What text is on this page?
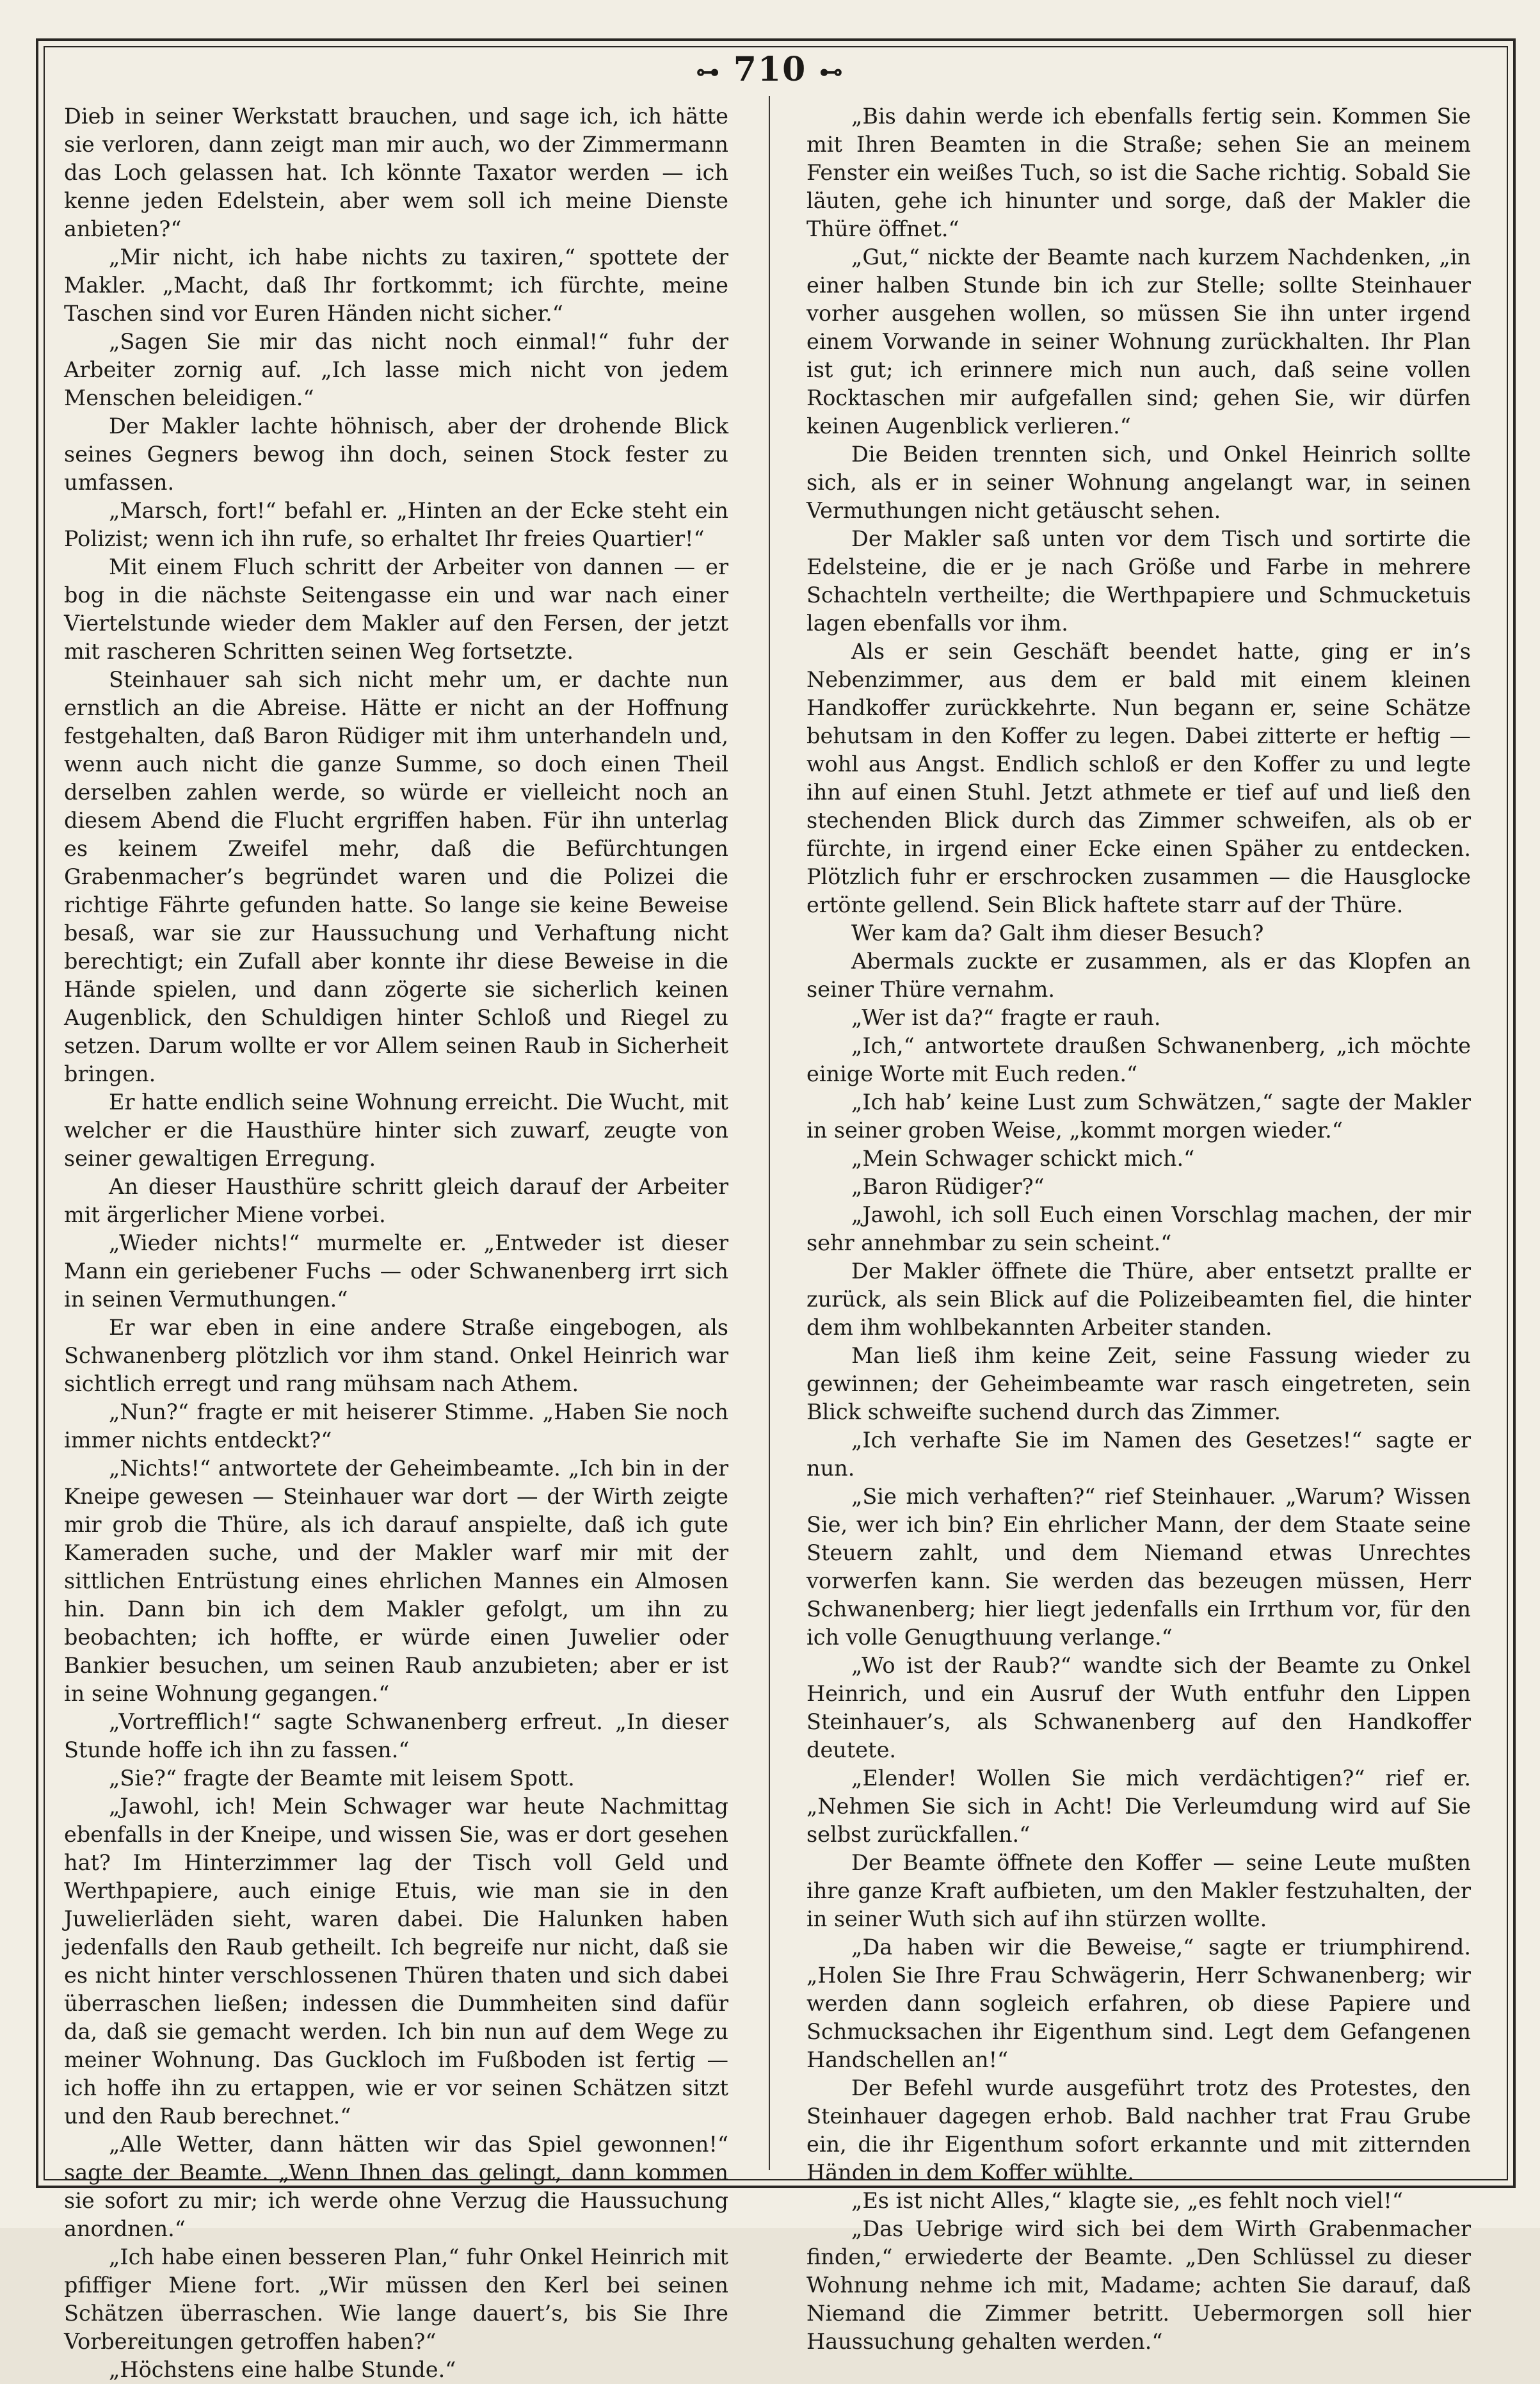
⊶ 710 ⊷

Dieb in seiner Werkstatt brauchen, und sage ich, ich hätte sie verloren, dann zeigt man mir auch, wo der Zimmermann das Loch gelassen hat. Ich könnte Taxator werden — ich kenne jeden Edelstein, aber wem soll ich meine Dienste anbieten?“

„Mir nicht, ich habe nichts zu taxiren,“ spottete der Makler. „Macht, daß Ihr fortkommt; ich fürchte, meine Taschen sind vor Euren Händen nicht sicher.“

„Sagen Sie mir das nicht noch einmal!“ fuhr der Arbeiter zornig auf. „Ich lasse mich nicht von jedem Menschen beleidigen.“

Der Makler lachte höhnisch, aber der drohende Blick seines Gegners bewog ihn doch, seinen Stock fester zu umfassen.

„Marsch, fort!“ befahl er. „Hinten an der Ecke steht ein Polizist; wenn ich ihn rufe, so erhaltet Ihr freies Quartier!“

Mit einem Fluch schritt der Arbeiter von dannen — er bog in die nächste Seitengasse ein und war nach einer Viertelstunde wieder dem Makler auf den Fersen, der jetzt mit rascheren Schritten seinen Weg fortsetzte.

Steinhauer sah sich nicht mehr um, er dachte nun ernstlich an die Abreise. Hätte er nicht an der Hoffnung festgehalten, daß Baron Rüdiger mit ihm unterhandeln und, wenn auch nicht die ganze Summe, so doch einen Theil derselben zahlen werde, so würde er vielleicht noch an diesem Abend die Flucht ergriffen haben. Für ihn unterlag es keinem Zweifel mehr, daß die Befürchtungen Grabenmacher’s begründet waren und die Polizei die richtige Fährte gefunden hatte. So lange sie keine Beweise besaß, war sie zur Haussuchung und Verhaftung nicht berechtigt; ein Zufall aber konnte ihr diese Beweise in die Hände spielen, und dann zögerte sie sicherlich keinen Augenblick, den Schuldigen hinter Schloß und Riegel zu setzen. Darum wollte er vor Allem seinen Raub in Sicherheit bringen.

Er hatte endlich seine Wohnung erreicht. Die Wucht, mit welcher er die Hausthüre hinter sich zuwarf, zeugte von seiner gewaltigen Erregung.

An dieser Hausthüre schritt gleich darauf der Arbeiter mit ärgerlicher Miene vorbei.

„Wieder nichts!“ murmelte er. „Entweder ist dieser Mann ein geriebener Fuchs — oder Schwanenberg irrt sich in seinen Vermuthungen.“

Er war eben in eine andere Straße eingebogen, als Schwanenberg plötzlich vor ihm stand. Onkel Heinrich war sichtlich erregt und rang mühsam nach Athem.

„Nun?“ fragte er mit heiserer Stimme. „Haben Sie noch immer nichts entdeckt?“

„Nichts!“ antwortete der Geheimbeamte. „Ich bin in der Kneipe gewesen — Steinhauer war dort — der Wirth zeigte mir grob die Thüre, als ich darauf anspielte, daß ich gute Kameraden suche, und der Makler warf mir mit der sittlichen Entrüstung eines ehrlichen Mannes ein Almosen hin. Dann bin ich dem Makler gefolgt, um ihn zu beobachten; ich hoffte, er würde einen Juwelier oder Bankier besuchen, um seinen Raub anzubieten; aber er ist in seine Wohnung gegangen.“

„Vortrefflich!“ sagte Schwanenberg erfreut. „In dieser Stunde hoffe ich ihn zu fassen.“

„Sie?“ fragte der Beamte mit leisem Spott.

„Jawohl, ich! Mein Schwager war heute Nachmittag ebenfalls in der Kneipe, und wissen Sie, was er dort gesehen hat? Im Hinterzimmer lag der Tisch voll Geld und Werthpapiere, auch einige Etuis, wie man sie in den Juwelierläden sieht, waren dabei. Die Halunken haben jedenfalls den Raub getheilt. Ich begreife nur nicht, daß sie es nicht hinter verschlossenen Thüren thaten und sich dabei überraschen ließen; indessen die Dummheiten sind dafür da, daß sie gemacht werden. Ich bin nun auf dem Wege zu meiner Wohnung. Das Guckloch im Fußboden ist fertig — ich hoffe ihn zu ertappen, wie er vor seinen Schätzen sitzt und den Raub berechnet.“

„Alle Wetter, dann hätten wir das Spiel gewonnen!“ sagte der Beamte. „Wenn Ihnen das gelingt, dann kommen sie sofort zu mir; ich werde ohne Verzug die Haussuchung anordnen.“

„Ich habe einen besseren Plan,“ fuhr Onkel Heinrich mit pfiffiger Miene fort. „Wir müssen den Kerl bei seinen Schätzen überraschen. Wie lange dauert’s, bis Sie Ihre Vorbereitungen getroffen haben?“

„Höchstens eine halbe Stunde.“

„Bis dahin werde ich ebenfalls fertig sein. Kommen Sie mit Ihren Beamten in die Straße; sehen Sie an meinem Fenster ein weißes Tuch, so ist die Sache richtig. Sobald Sie läuten, gehe ich hinunter und sorge, daß der Makler die Thüre öffnet.“

„Gut,“ nickte der Beamte nach kurzem Nachdenken, „in einer halben Stunde bin ich zur Stelle; sollte Steinhauer vorher ausgehen wollen, so müssen Sie ihn unter irgend einem Vorwande in seiner Wohnung zurückhalten. Ihr Plan ist gut; ich erinnere mich nun auch, daß seine vollen Rocktaschen mir aufgefallen sind; gehen Sie, wir dürfen keinen Augenblick verlieren.“

Die Beiden trennten sich, und Onkel Heinrich sollte sich, als er in seiner Wohnung angelangt war, in seinen Vermuthungen nicht getäuscht sehen.

Der Makler saß unten vor dem Tisch und sortirte die Edelsteine, die er je nach Größe und Farbe in mehrere Schachteln vertheilte; die Werthpapiere und Schmucketuis lagen ebenfalls vor ihm.

Als er sein Geschäft beendet hatte, ging er in’s Nebenzimmer, aus dem er bald mit einem kleinen Handkoffer zurückkehrte. Nun begann er, seine Schätze behutsam in den Koffer zu legen. Dabei zitterte er heftig — wohl aus Angst. Endlich schloß er den Koffer zu und legte ihn auf einen Stuhl. Jetzt athmete er tief auf und ließ den stechenden Blick durch das Zimmer schweifen, als ob er fürchte, in irgend einer Ecke einen Späher zu entdecken. Plötzlich fuhr er erschrocken zusammen — die Hausglocke ertönte gellend. Sein Blick haftete starr auf der Thüre.

Wer kam da? Galt ihm dieser Besuch?

Abermals zuckte er zusammen, als er das Klopfen an seiner Thüre vernahm.

„Wer ist da?“ fragte er rauh.

„Ich,“ antwortete draußen Schwanenberg, „ich möchte einige Worte mit Euch reden.“

„Ich hab’ keine Lust zum Schwätzen,“ sagte der Makler in seiner groben Weise, „kommt morgen wieder.“

„Mein Schwager schickt mich.“

„Baron Rüdiger?“

„Jawohl, ich soll Euch einen Vorschlag machen, der mir sehr annehmbar zu sein scheint.“

Der Makler öffnete die Thüre, aber entsetzt prallte er zurück, als sein Blick auf die Polizeibeamten fiel, die hinter dem ihm wohlbekannten Arbeiter standen.

Man ließ ihm keine Zeit, seine Fassung wieder zu gewinnen; der Geheimbeamte war rasch eingetreten, sein Blick schweifte suchend durch das Zimmer.

„Ich verhafte Sie im Namen des Gesetzes!“ sagte er nun.

„Sie mich verhaften?“ rief Steinhauer. „Warum? Wissen Sie, wer ich bin? Ein ehrlicher Mann, der dem Staate seine Steuern zahlt, und dem Niemand etwas Unrechtes vorwerfen kann. Sie werden das bezeugen müssen, Herr Schwanenberg; hier liegt jedenfalls ein Irrthum vor, für den ich volle Genugthuung verlange.“

„Wo ist der Raub?“ wandte sich der Beamte zu Onkel Heinrich, und ein Ausruf der Wuth entfuhr den Lippen Steinhauer’s, als Schwanenberg auf den Handkoffer deutete.

„Elender! Wollen Sie mich verdächtigen?“ rief er. „Nehmen Sie sich in Acht! Die Verleumdung wird auf Sie selbst zurückfallen.“

Der Beamte öffnete den Koffer — seine Leute mußten ihre ganze Kraft aufbieten, um den Makler festzuhalten, der in seiner Wuth sich auf ihn stürzen wollte.

„Da haben wir die Beweise,“ sagte er triumphirend. „Holen Sie Ihre Frau Schwägerin, Herr Schwanenberg; wir werden dann sogleich erfahren, ob diese Papiere und Schmucksachen ihr Eigenthum sind. Legt dem Gefangenen Handschellen an!“

Der Befehl wurde ausgeführt trotz des Protestes, den Steinhauer dagegen erhob. Bald nachher trat Frau Grube ein, die ihr Eigenthum sofort erkannte und mit zitternden Händen in dem Koffer wühlte.

„Es ist nicht Alles,“ klagte sie, „es fehlt noch viel!“

„Das Uebrige wird sich bei dem Wirth Grabenmacher finden,“ erwiederte der Beamte. „Den Schlüssel zu dieser Wohnung nehme ich mit, Madame; achten Sie darauf, daß Niemand die Zimmer betritt. Uebermorgen soll hier Haussuchung gehalten werden.“
